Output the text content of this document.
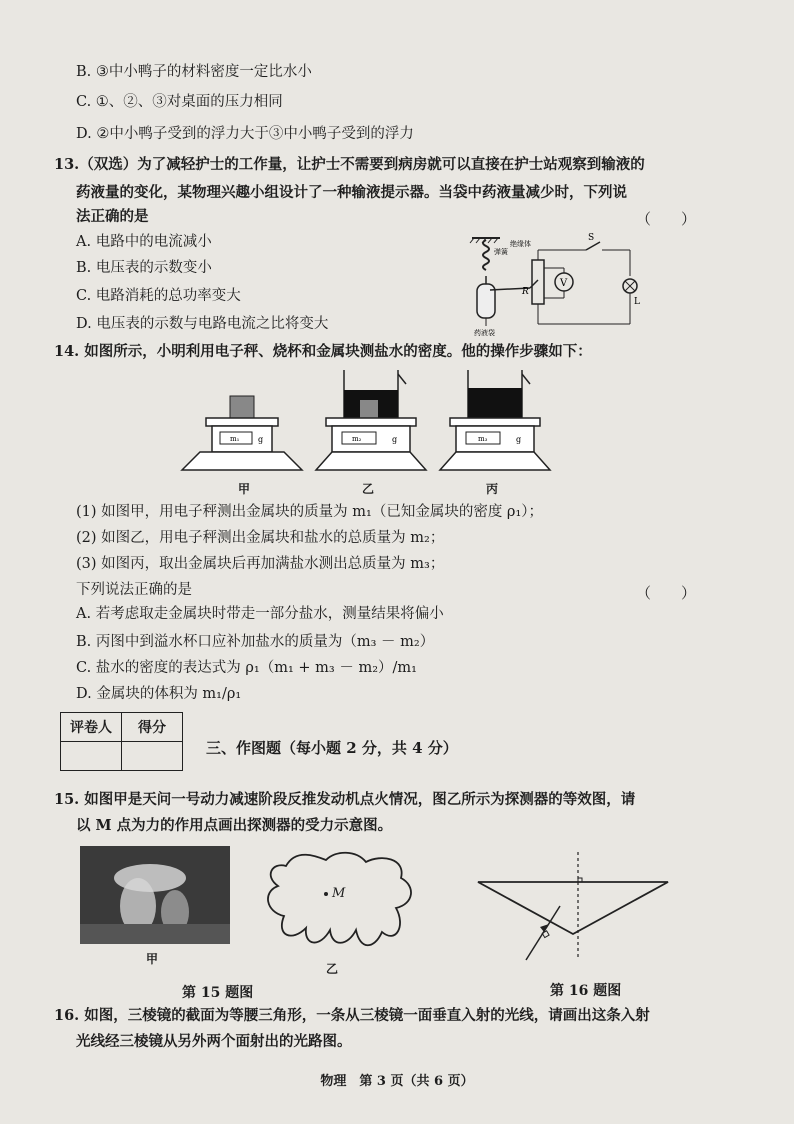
B. ③中小鸭子的材料密度一定比水小
C. ①、②、③对桌面的压力相同
D. ②中小鸭子受到的浮力大于③中小鸭子受到的浮力
13.（双选）为了减轻护士的工作量，让护士不需要到病房就可以直接在护士站观察到输液的
药液量的变化，某物理兴趣小组设计了一种输液提示器。当袋中药液量减少时，下列说
法正确的是	（　　）
A. 电路中的电流减小
B. 电压表的示数变小
C. 电路消耗的总功率变大
D. 电压表的示数与电路电流之比将变大
弹簧
绝缘体
R
V
S
L
药液袋
14. 如图所示，小明利用电子秤、烧杯和金属块测盐水的密度。他的操作步骤如下：
m₁ g	m₂	g	m₃	g
甲	乙	丙
(1) 如图甲，用电子秤测出金属块的质量为 m₁（已知金属块的密度 ρ₁）；
(2) 如图乙，用电子秤测出金属块和盐水的总质量为 m₂；
(3) 如图丙，取出金属块后再加满盐水测出总质量为 m₃；
下列说法正确的是	（　　）
A. 若考虑取走金属块时带走一部分盐水，测量结果将偏小
B. 丙图中到溢水杯口应补加盐水的质量为（m₃ － m₂）
C. 盐水的密度的表达式为 ρ₁（m₁ + m₃ － m₂）/m₁
D. 金属块的体积为 m₁/ρ₁
评卷人	得分

三、作图题（每小题 2 分，共 4 分）
15. 如图甲是天问一号动力减速阶段反推发动机点火情况，图乙所示为探测器的等效图，请
以 M 点为力的作用点画出探测器的受力示意图。
甲
M
乙
第 15 题图	第 16 题图
16. 如图，三棱镜的截面为等腰三角形，一条从三棱镜一面垂直入射的光线，请画出这条入射
光线经三棱镜从另外两个面射出的光路图。
物理　第 3 页（共 6 页）
